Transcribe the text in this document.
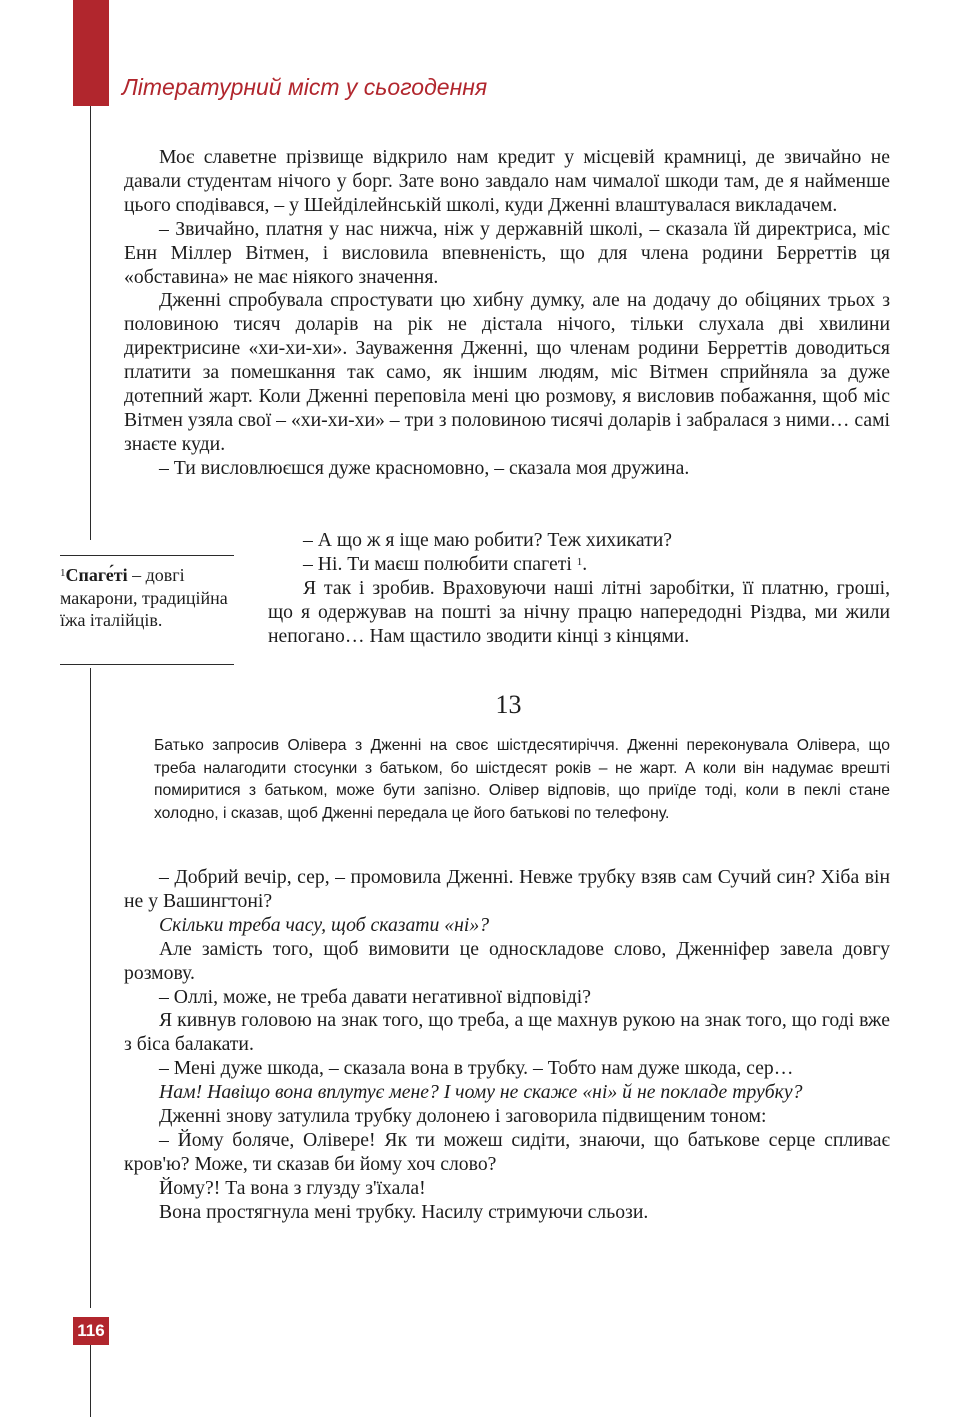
Літературний міст у сьогодення

Моє славетне прізвище відкрило нам кредит у місцевій крамниці, де звичайно не давали студентам нічого у борг. Зате воно завдало нам чималої шкоди там, де я найменше цього сподівався, – у Шейділейнській школі, куди Дженні влаштувалася викладачем.

– Звичайно, платня у нас нижча, ніж у державній школі, – сказала їй директриса, міс Енн Міллер Вітмен, і висловила впевненість, що для члена родини Берреттів ця «обставина» не має ніякого значення.

Дженні спробувала спростувати цю хибну думку, але на додачу до обіцяних трьох з половиною тисяч доларів на рік не дістала нічого, тільки слухала дві хвилини директрисине «хи-хи-хи». Зауваження Дженні, що членам родини Берреттів доводиться платити за помешкання так само, як іншим людям, міс Вітмен сприйняла за дуже дотепний жарт. Коли Дженні переповіла мені цю розмову, я висловив побажання, щоб міс Вітмен узяла свої – «хи-хи-хи» – три з половиною тисячі доларів і забралася з ними… самі знаєте куди.

– Ти висловлюєшся дуже красномовно, – сказала моя дружина.

– А що ж я іще маю робити? Теж хихикати?

– Ні. Ти маєш полюбити спагеті $^1$.

Я так і зробив. Враховуючи наші літні заробітки, її платню, гроші, що я одержував на пошті за нічну працю напередодні Різдва, ми жили непогано… Нам щастило зводити кінці з кінцями.

$^1$Спаге́ті – довгі макарони, традиційна їжа італійців.
13

Батько запросив Олівера з Дженні на своє шістдесятиріччя. Дженні переконувала Олівера, що треба налагодити стосунки з батьком, бо шістдесят років – не жарт. А коли він надумає врешті помиритися з батьком, може бути запізно. Олівер відповів, що приїде тоді, коли в пеклі стане холодно, і сказав, щоб Дженні передала це його батькові по телефону.

– Добрий вечір, сер, – промовила Дженні. Невже трубку взяв сам Сучий син? Хіба він не у Вашингтоні?

Скільки треба часу, щоб сказати «ні»?

Але замість того, щоб вимовити це односкладове слово, Дженніфер завела довгу розмову.

– Оллі, може, не треба давати негативної відповіді?

Я кивнув головою на знак того, що треба, а ще махнув рукою на знак того, що годі вже з біса балакати.

– Мені дуже шкода, – сказала вона в трубку. – Тобто нам дуже шкода, сер…

Нам! Навіщо вона вплутує мене? І чому не скаже «ні» й не покладе трубку?

Дженні знову затулила трубку долонею і заговорила підвищеним тоном:

– Йому боляче, Олівере! Як ти можеш сидіти, знаючи, що батькове серце спливає кров'ю? Може, ти сказав би йому хоч слово?

Йому?! Та вона з глузду з'їхала!

Вона простягнула мені трубку. Насилу стримуючи сльози.

116
